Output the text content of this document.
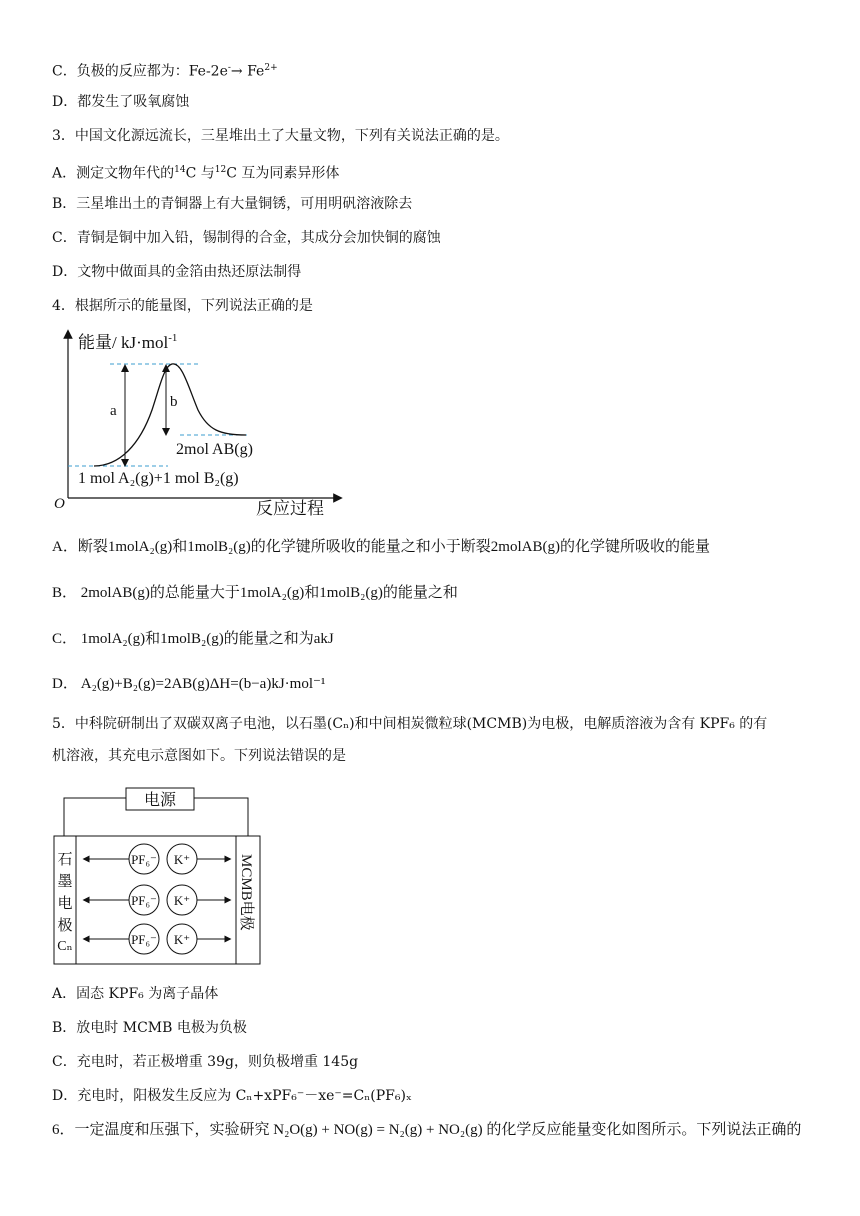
C．负极的反应都为：$Fe-2e^-\to Fe^{2+}$
D．都发生了吸氧腐蚀
3．中国文化源远流长，三星堆出土了大量文物，下列有关说法正确的是。
A．测定文物年代的$^{14}$C 与$^{12}$C 互为同素异形体
B．三星堆出土的青铜器上有大量铜锈，可用明矾溶液除去
C．青铜是铜中加入铅，锡制得的合金，其成分会加快铜的腐蚀
D．文物中做面具的金箔由热还原法制得
4．根据所示的能量图，下列说法正确的是
能量/ kJ·mol$^{-1}$
反应过程
O
a
b
2mol AB(g)
1 mol A₂(g)+1 mol B₂(g)
A．断裂1molA₂(g)和1molB₂(g)的化学键所吸收的能量之和小于断裂2molAB(g)的化学键所吸收的能量
B． 2molAB(g)的总能量大于1molA₂(g)和1molB₂(g)的能量之和
C． 1molA₂(g)和1molB₂(g)的能量之和为akJ
D． A₂(g)+B₂(g)=2AB(g)ΔH=(b−a)kJ·mol⁻¹
5．中科院研制出了双碳双离子电池，以石墨(Cₙ)和中间相炭微粒球(MCMB)为电极，电解质溶液为含有 KPF₆ 的有
机溶液，其充电示意图如下。下列说法错误的是
电源
石
墨
电
极
Cₙ
MCMB电极
PF₆⁻ K⁺
PF₆⁻ K⁺
PF₆⁻ K⁺
A．固态 KPF₆ 为离子晶体
B．放电时 MCMB 电极为负极
C．充电时，若正极增重 39g，则负极增重 145g
D．充电时，阳极发生反应为 Cₙ+xPF₆⁻－xe⁻=Cₙ(PF₆)ₓ
6．一定温度和压强下，实验研究 N₂O(g) + NO(g) = N₂(g) + NO₂(g) 的化学反应能量变化如图所示。下列说法正确的
